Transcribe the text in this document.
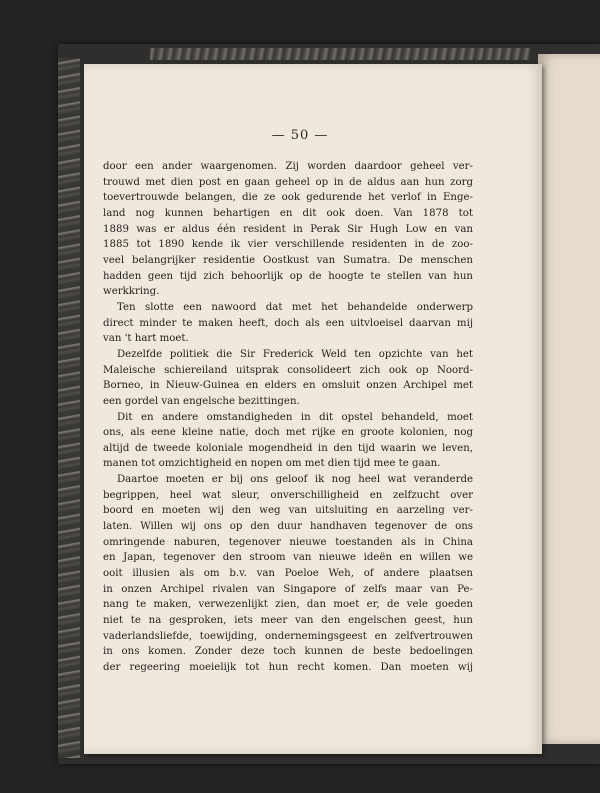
— 50 —
door een ander waargenomen. Zij worden daardoor geheel ver-
trouwd met dien post en gaan geheel op in de aldus aan hun zorg
toevertrouwde belangen, die ze ook gedurende het verlof in Enge-
land nog kunnen behartigen en dit ook doen. Van 1878 tot
1889 was er aldus één resident in Perak Sir Hugh Low en van
1885 tot 1890 kende ik vier verschillende residenten in de zoo-
veel belangrijker residentie Oostkust van Sumatra. De menschen
hadden geen tijd zich behoorlijk op de hoogte te stellen van hun
werkkring.
Ten slotte een nawoord dat met het behandelde onderwerp
direct minder te maken heeft, doch als een uitvloeisel daarvan mij
van 't hart moet.
Dezelfde politiek die Sir Frederick Weld ten opzichte van het
Maleische schiereiland uitsprak consolideert zich ook op Noord-
Borneo, in Nieuw-Guinea en elders en omsluit onzen Archipel met
een gordel van engelsche bezittingen.
Dit en andere omstandigheden in dit opstel behandeld, moet
ons, als eene kleine natie, doch met rijke en groote kolonien, nog
altijd de tweede koloniale mogendheid in den tijd waarin we leven,
manen tot omzichtigheid en nopen om met dien tijd mee te gaan.
Daartoe moeten er bij ons geloof ik nog heel wat veranderde
begrippen, heel wat sleur, onverschilligheid en zelfzucht over
boord en moeten wij den weg van uitsluiting en aarzeling ver-
laten. Willen wij ons op den duur handhaven tegenover de ons
omringende naburen, tegenover nieuwe toestanden als in China
en Japan, tegenover den stroom van nieuwe ideën en willen we
ooit illusien als om b.v. van Poeloe Weh, of andere plaatsen
in onzen Archipel rivalen van Singapore of zelfs maar van Pe-
nang te maken, verwezenlijkt zien, dan moet er, de vele goeden
niet te na gesproken, iets meer van den engelschen geest, hun
vaderlandsliefde, toewijding, ondernemingsgeest en zelfvertrouwen
in ons komen. Zonder deze toch kunnen de beste bedoelingen
der regeering moeielijk tot hun recht komen. Dan moeten wij
